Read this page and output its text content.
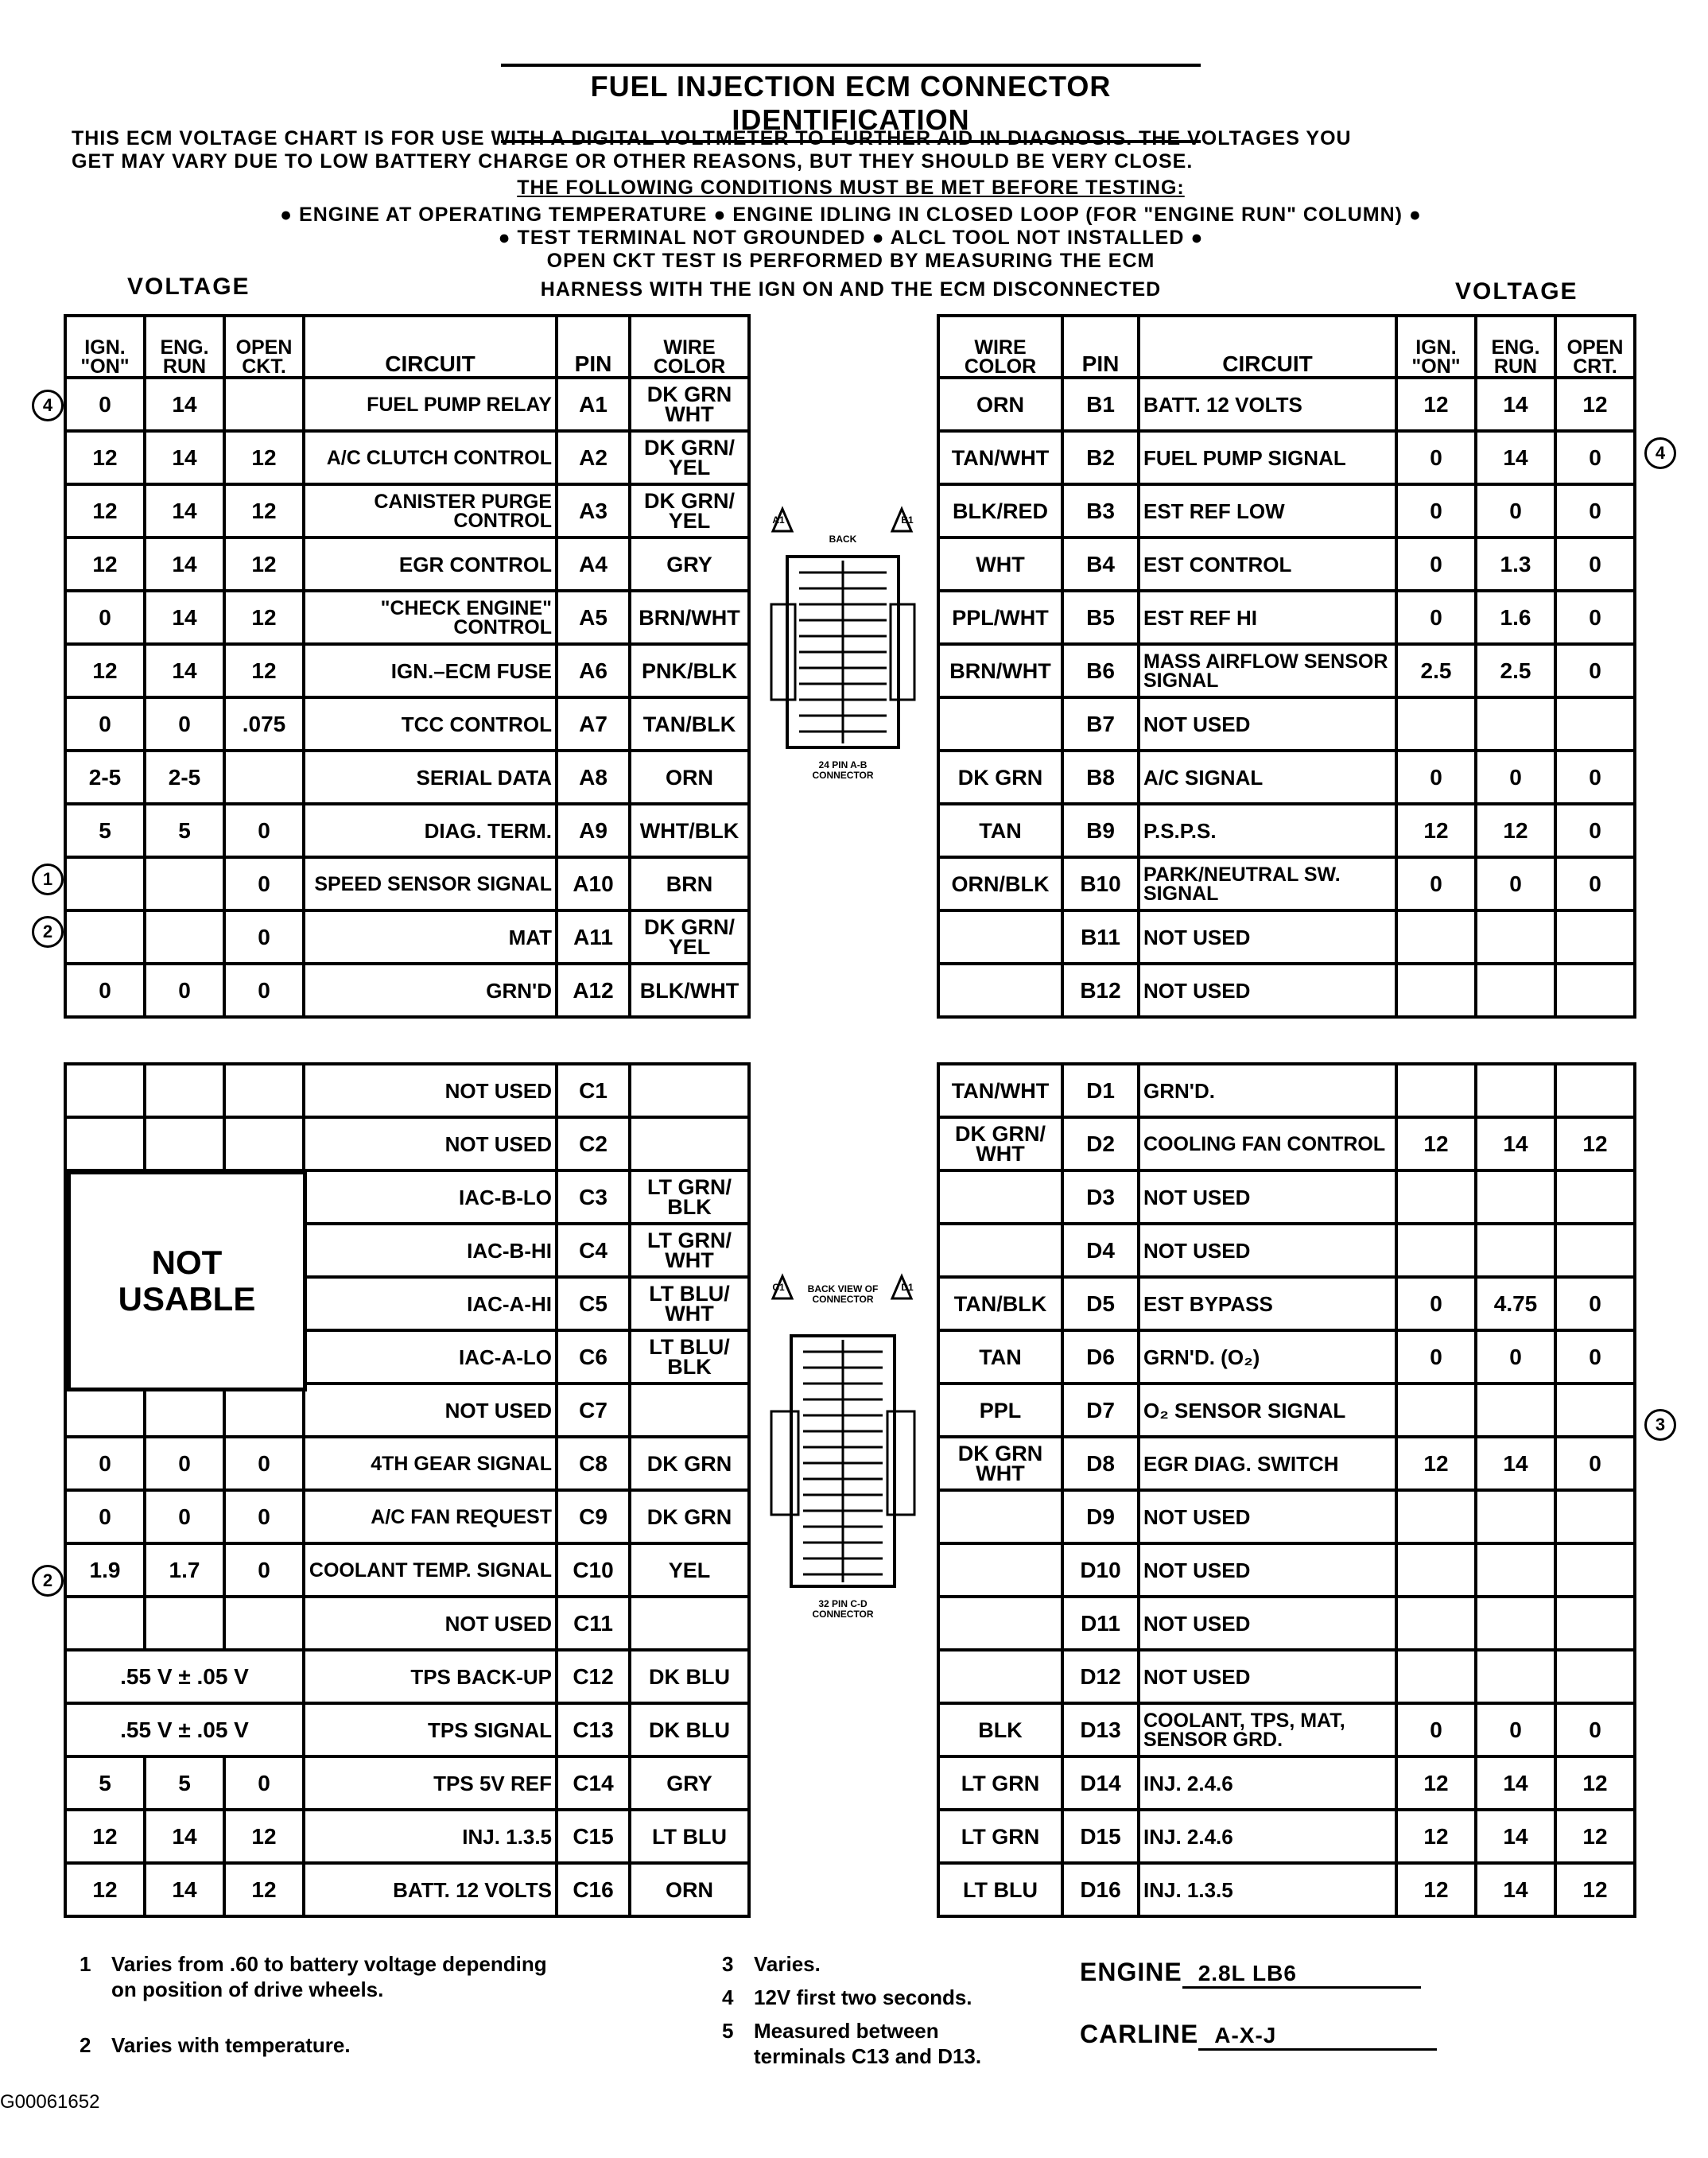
FUEL INJECTION ECM CONNECTOR IDENTIFICATION
THIS ECM VOLTAGE CHART IS FOR USE WITH A DIGITAL VOLTMETER TO FURTHER AID IN DIAGNOSIS. THE VOLTAGES YOU
GET MAY VARY DUE TO LOW BATTERY CHARGE OR OTHER REASONS, BUT THEY SHOULD BE VERY CLOSE.
THE FOLLOWING CONDITIONS MUST BE MET BEFORE TESTING:
● ENGINE AT OPERATING TEMPERATURE ● ENGINE IDLING IN CLOSED LOOP (FOR "ENGINE RUN" COLUMN) ●
● TEST TERMINAL NOT GROUNDED ● ALCL TOOL NOT INSTALLED ●
OPEN CKT TEST IS PERFORMED BY MEASURING THE ECM
HARNESS WITH THE IGN ON AND THE ECM DISCONNECTED
VOLTAGE	VOLTAGE
IGN. "ON"	ENG. RUN	OPEN CKT.	CIRCUIT	PIN	WIRE COLOR
0	14		FUEL PUMP RELAY	A1	DK GRN WHT
12	14	12	A/C CLUTCH CONTROL	A2	DK GRN/ YEL
12	14	12	CANISTER PURGE CONTROL	A3	DK GRN/ YEL
12	14	12	EGR CONTROL	A4	GRY
0	14	12	"CHECK ENGINE" CONTROL	A5	BRN/WHT
12	14	12	IGN.–ECM FUSE	A6	PNK/BLK
0	0	.075	TCC CONTROL	A7	TAN/BLK
2-5	2-5		SERIAL DATA	A8	ORN
5	5	0	DIAG. TERM.	A9	WHT/BLK
		0	SPEED SENSOR SIGNAL	A10	BRN
		0	MAT	A11	DK GRN/ YEL
0	0	0	GRN'D	A12	BLK/WHT
WIRE COLOR	PIN	CIRCUIT	IGN. "ON"	ENG. RUN	OPEN CRT.
ORN	B1	BATT. 12 VOLTS	12	14	12
TAN/WHT	B2	FUEL PUMP SIGNAL	0	14	0
BLK/RED	B3	EST REF LOW	0	0	0
WHT	B4	EST CONTROL	0	1.3	0
PPL/WHT	B5	EST REF HI	0	1.6	0
BRN/WHT	B6	MASS AIRFLOW SENSOR SIGNAL	2.5	2.5	0
	B7	NOT USED			
DK GRN	B8	A/C SIGNAL	0	0	0
TAN	B9	P.S.P.S.	12	12	0
ORN/BLK	B10	PARK/NEUTRAL SW. SIGNAL	0	0	0
	B11	NOT USED			
	B12	NOT USED			
			NOT USED	C1	
			NOT USED	C2	
			IAC-B-LO	C3	LT GRN/ BLK
			IAC-B-HI	C4	LT GRN/ WHT
			IAC-A-HI	C5	LT BLU/ WHT
			IAC-A-LO	C6	LT BLU/ BLK
			NOT USED	C7	
0	0	0	4TH GEAR SIGNAL	C8	DK GRN
0	0	0	A/C FAN REQUEST	C9	DK GRN
1.9	1.7	0	COOLANT TEMP. SIGNAL	C10	YEL
			NOT USED	C11	
.55 V ± .05 V			TPS BACK-UP	C12	DK BLU
.55 V ± .05 V			TPS SIGNAL	C13	DK BLU
5	5	0	TPS 5V REF	C14	GRY
12	14	12	INJ. 1.3.5	C15	LT BLU
12	14	12	BATT. 12 VOLTS	C16	ORN
NOT
USABLE
TAN/WHT	D1	GRN'D.			
DK GRN/ WHT	D2	COOLING FAN CONTROL	12	14	12
	D3	NOT USED			
	D4	NOT USED			
TAN/BLK	D5	EST BYPASS	0	4.75	0
TAN	D6	GRN'D. (O₂)	0	0	0
PPL	D7	O₂ SENSOR SIGNAL			
DK GRN WHT	D8	EGR DIAG. SWITCH	12	14	0
	D9	NOT USED			
	D10	NOT USED			
	D11	NOT USED			
	D12	NOT USED			
BLK	D13	COOLANT, TPS, MAT, SENSOR GRD.	0	0	0
LT GRN	D14	INJ. 2.4.6	12	14	12
LT GRN	D15	INJ. 2.4.6	12	14	12
LT BLU	D16	INJ. 1.3.5	12	14	12
4
1
2
4
2
3
BACK
A1	B1
24 PIN A-B CONNECTOR
BACK VIEW OF CONNECTOR
C1	D1
32 PIN C-D CONNECTOR
1 Varies from .60 to battery voltage depending
on position of drive wheels.
2 Varies with temperature.
3 Varies.
4 12V first two seconds.
5 Measured between
terminals C13 and D13.
ENGINE 2.8L LB6
CARLINE A-X-J
G00061652
